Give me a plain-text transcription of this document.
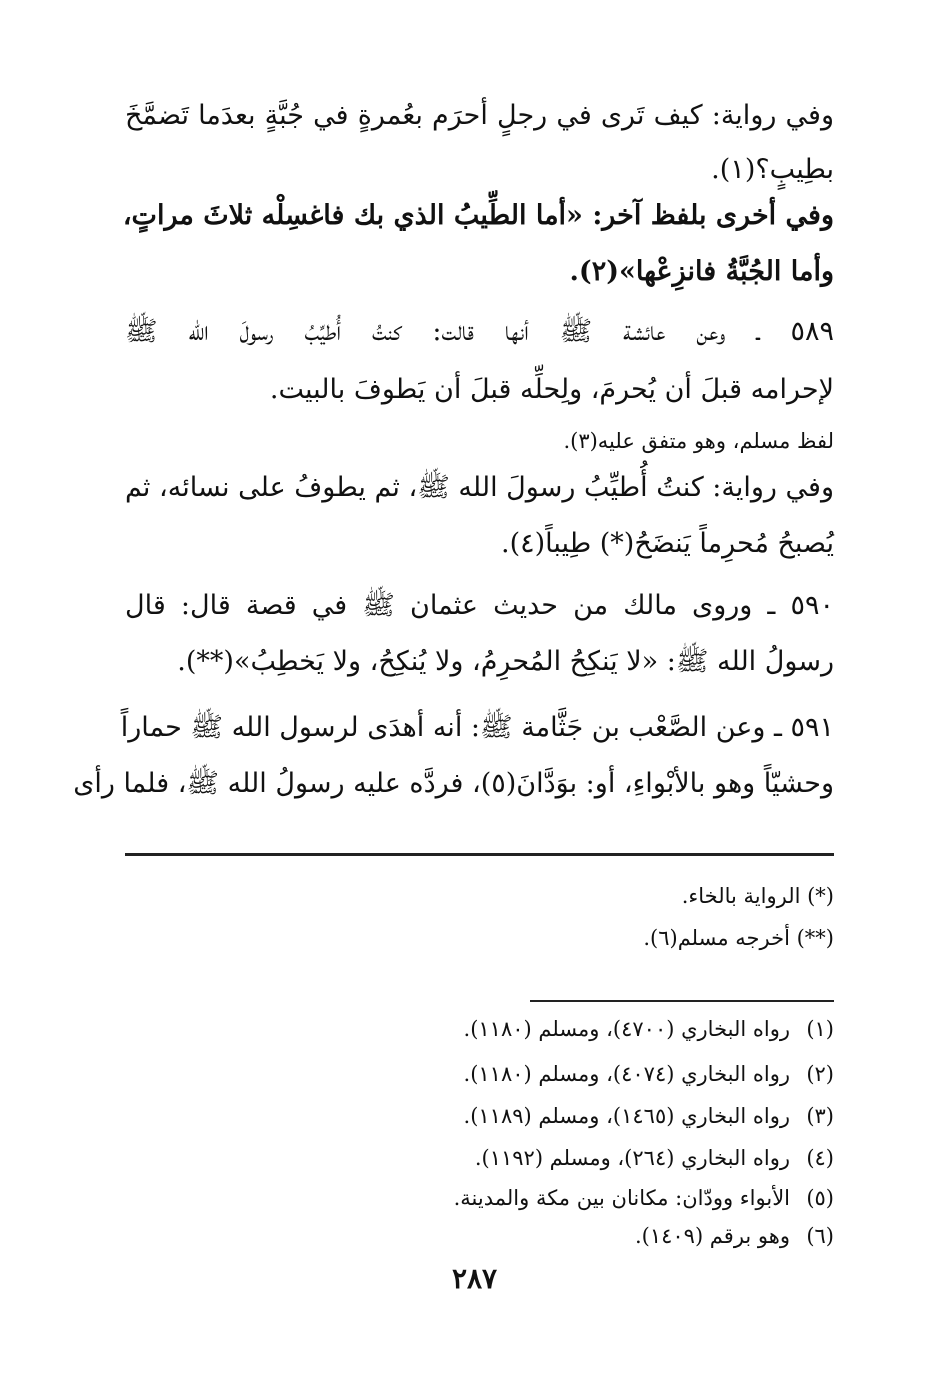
وفي رواية: كيف تَرى في رجلٍ أحرَم بعُمرةٍ في جُبَّةٍ بعدَما تَضمَّخَ
بطِيبٍ؟(١).
وفي أخرى بلفظ آخر: «أما الطِّيبُ الذي بك فاغسِلْه ثلاثَ مراتٍ،
وأما الجُبَّةُ فانزِعْها»(٢).
٥٨٩ ـ وعن عائشة ﷺ أنها قالت: كنتُ أُطيِّبُ رسولَ الله ﷺ
لإحرامه قبلَ أن يُحرمَ، ولِحلِّه قبلَ أن يَطوفَ بالبيت.
لفظ مسلم، وهو متفق عليه(٣).
وفي رواية: كنتُ أُطيِّبُ رسولَ الله ﷺ، ثم يطوفُ على نسائه، ثم
يُصبحُ مُحرِماً يَنضَحُ(*) طِيباً(٤).
٥٩٠ ـ وروى مالك من حديث عثمان ﷺ في قصة قال: قال
رسولُ الله ﷺ: «لا يَنكِحُ المُحرِمُ، ولا يُنكِحُ، ولا يَخطِبُ»(**).
٥٩١ ـ وعن الصَّعْب بن جَثَّامة ﷺ: أنه أهدَى لرسول الله ﷺ حماراً
وحشيّاً وهو بالأبْواءِ، أو: بوَدَّانَ(٥)، فردَّه عليه رسولُ الله ﷺ، فلما رأى
(*) الرواية بالخاء.
(**) أخرجه مسلم(٦).
(١)رواه البخاري (٤٧٠٠)، ومسلم (١١٨٠).
(٢)رواه البخاري (٤٠٧٤)، ومسلم (١١٨٠).
(٣)رواه البخاري (١٤٦٥)، ومسلم (١١٨٩).
(٤)رواه البخاري (٢٦٤)، ومسلم (١١٩٢).
(٥)الأبواء وودّان: مكانان بين مكة والمدينة.
(٦)وهو برقم (١٤٠٩).
٢٨٧
